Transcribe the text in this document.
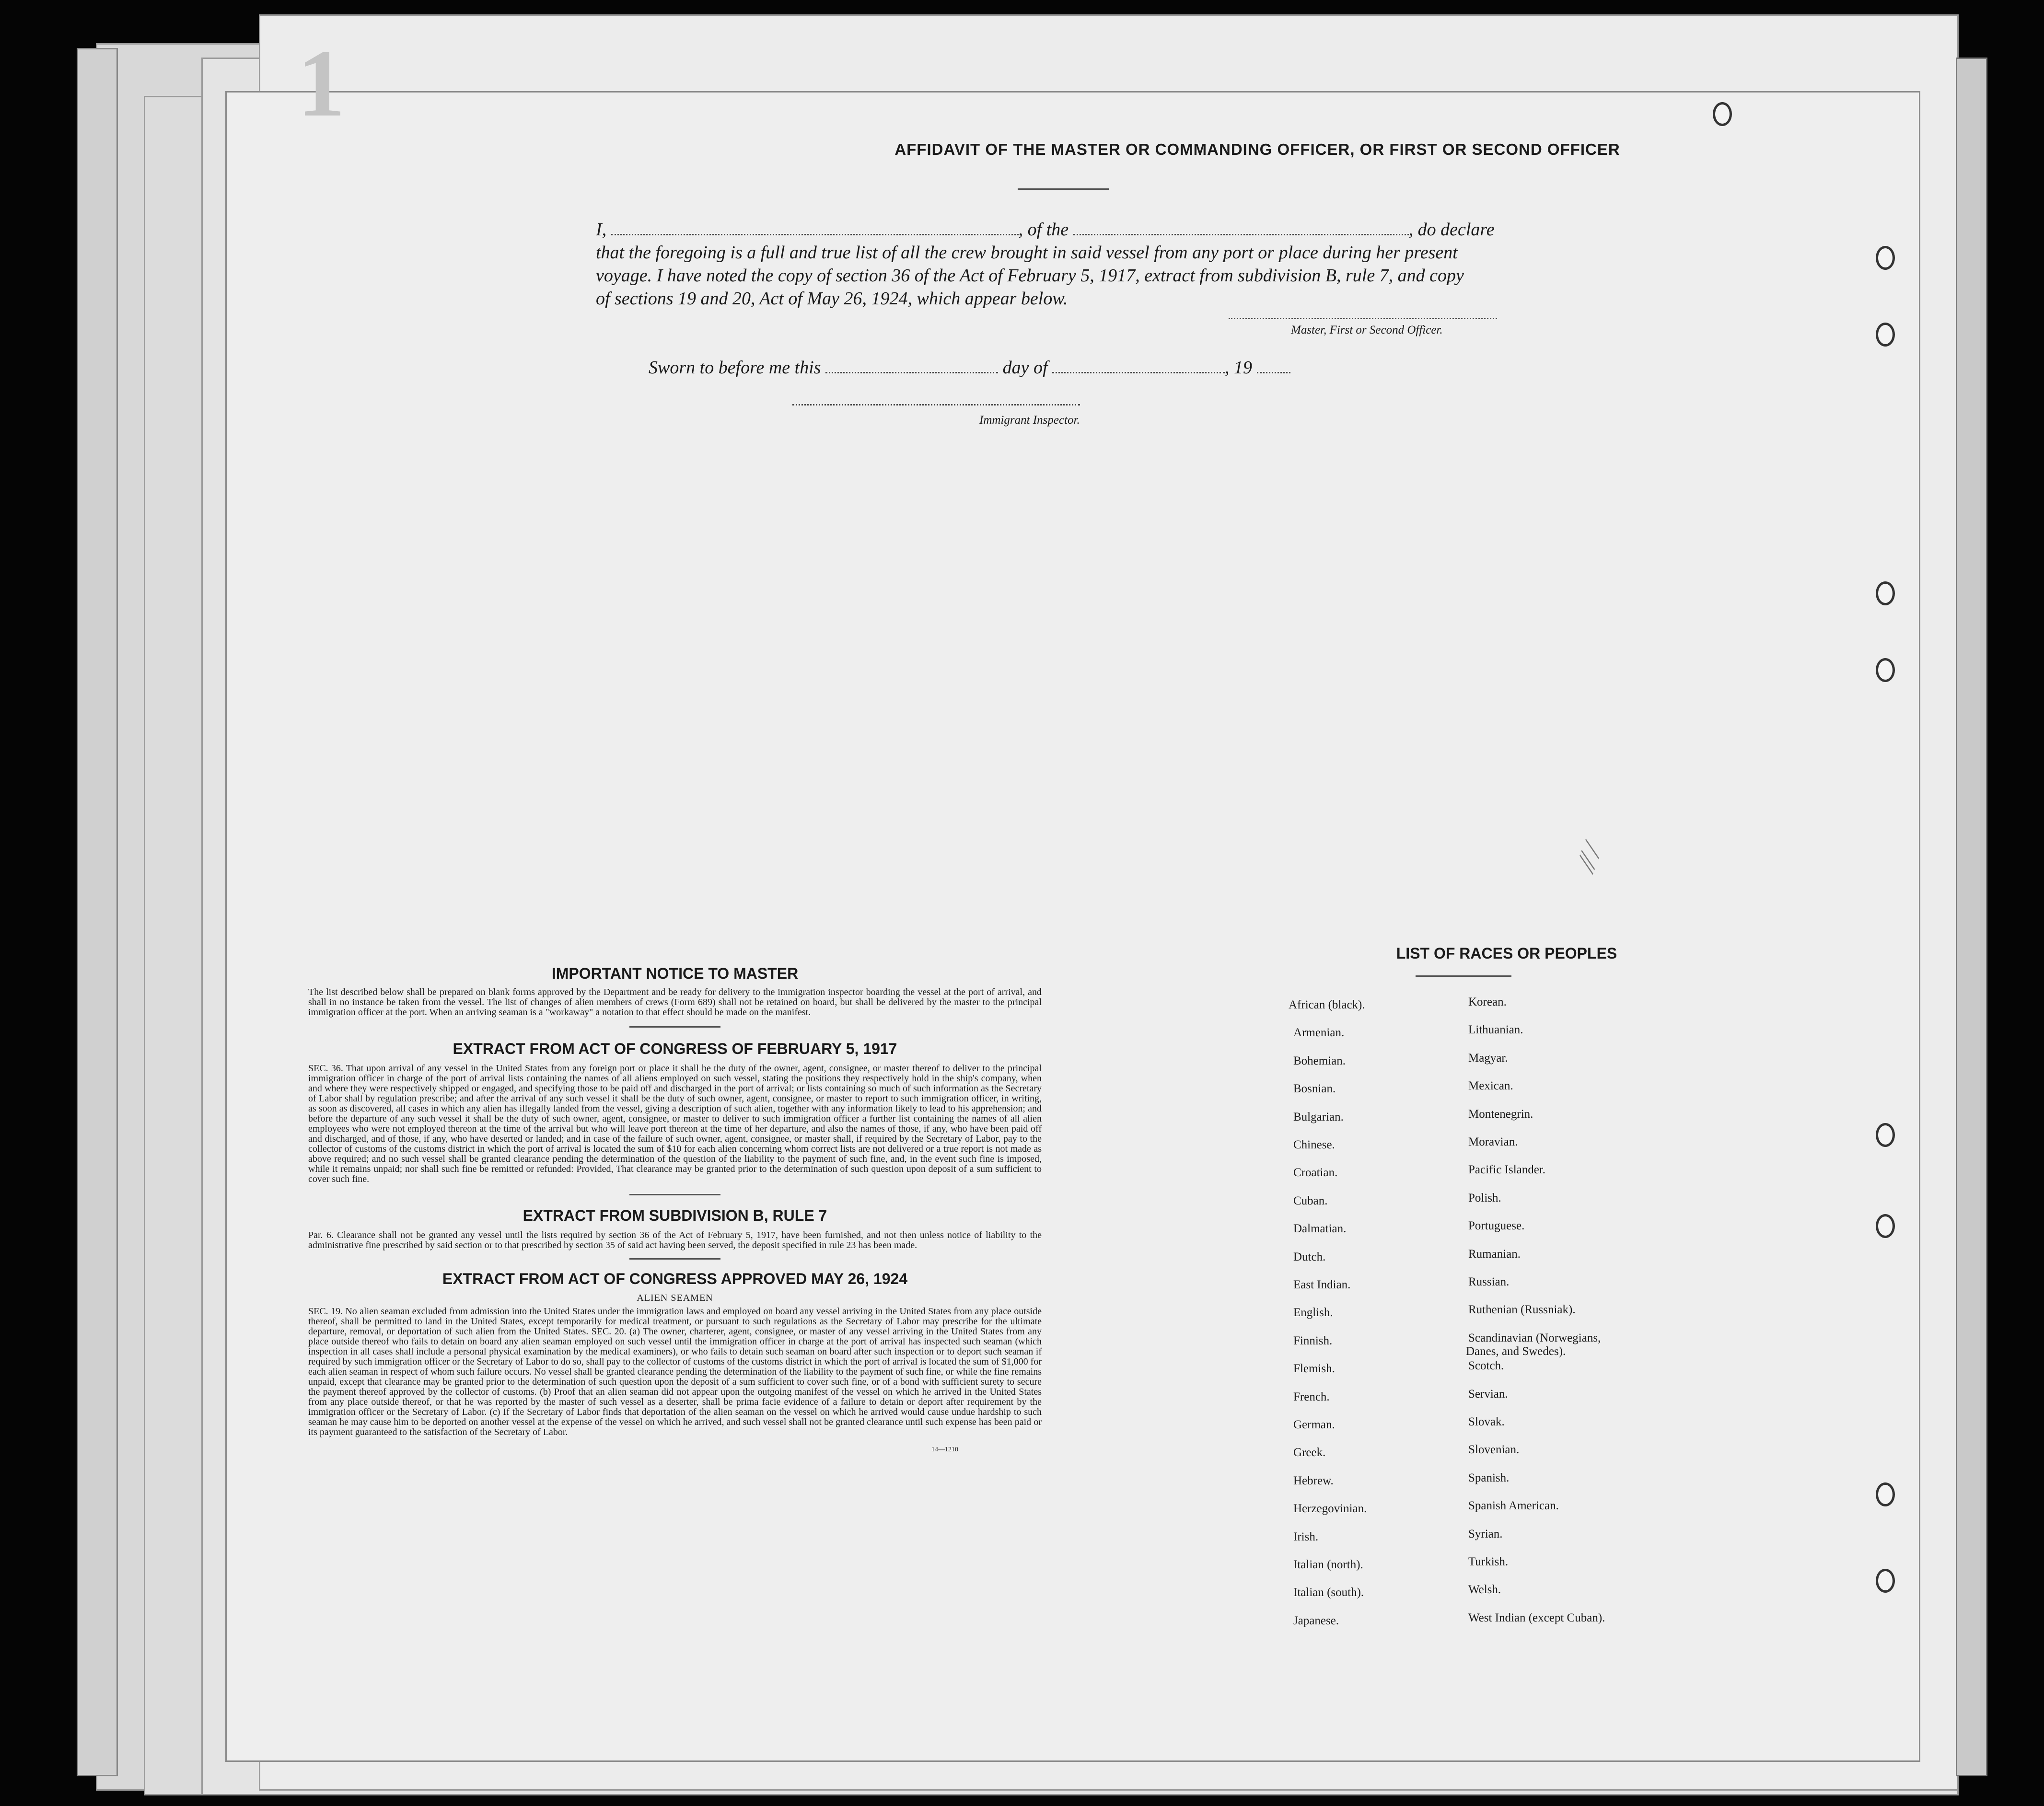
AFFIDAVIT OF THE MASTER OR COMMANDING OFFICER, OR FIRST OR SECOND OFFICER
I,	, of the	, do declare
that the foregoing is a full and true list of all the crew brought in said vessel from any port or place during her present
voyage. I have noted the copy of section 36 of the Act of February 5, 1917, extract from subdivision B, rule 7, and copy
of sections 19 and 20, Act of May 26, 1924, which appear below.
Master, First or Second Officer.
Sworn to before me this	day of	, 19
Immigrant Inspector.
IMPORTANT NOTICE TO MASTER
The list described below shall be prepared on blank forms approved by the Department and be ready for delivery to the immigration inspector boarding the vessel at the port of arrival, and shall in no instance be taken from the vessel. The list of changes of alien members of crews (Form 689) shall not be retained on board, but shall be delivered by the master to the principal immigration officer at the port. When an arriving seaman is a "workaway" a notation to that effect should be made on the manifest.
EXTRACT FROM ACT OF CONGRESS OF FEBRUARY 5, 1917
SEC. 36. That upon arrival of any vessel in the United States from any foreign port or place it shall be the duty of the owner, agent, consignee, or master thereof to deliver to the principal immigration officer in charge of the port of arrival lists containing the names of all aliens employed on such vessel, stating the positions they respectively hold in the ship's company, when and where they were respectively shipped or engaged, and specifying those to be paid off and discharged in the port of arrival; or lists containing so much of such information as the Secretary of Labor shall by regulation prescribe; and after the arrival of any such vessel it shall be the duty of such owner, agent, consignee, or master to report to such immigration officer, in writing, as soon as discovered, all cases in which any alien has illegally landed from the vessel, giving a description of such alien, together with any information likely to lead to his apprehension; and before the departure of any such vessel it shall be the duty of such owner, agent, consignee, or master to deliver to such immigration officer a further list containing the names of all alien employees who were not employed thereon at the time of the arrival but who will leave port thereon at the time of her departure, and also the names of those, if any, who have been paid off and discharged, and of those, if any, who have deserted or landed; and in case of the failure of such owner, agent, consignee, or master shall, if required by the Secretary of Labor, pay to the collector of customs of the customs district in which the port of arrival is located the sum of $10 for each alien concerning whom correct lists are not delivered or a true report is not made as above required; and no such vessel shall be granted clearance pending the determination of the question of the liability to the payment of such fine, and, in the event such fine is imposed, while it remains unpaid; nor shall such fine be remitted or refunded: Provided, That clearance may be granted prior to the determination of such question upon deposit of a sum sufficient to cover such fine.
EXTRACT FROM SUBDIVISION B, RULE 7
Par. 6. Clearance shall not be granted any vessel until the lists required by section 36 of the Act of February 5, 1917, have been furnished, and not then unless notice of liability to the administrative fine prescribed by said section or to that prescribed by section 35 of said act having been served, the deposit specified in rule 23 has been made.
EXTRACT FROM ACT OF CONGRESS APPROVED MAY 26, 1924
ALIEN SEAMEN
SEC. 19. No alien seaman excluded from admission into the United States under the immigration laws and employed on board any vessel arriving in the United States from any place outside thereof, shall be permitted to land in the United States, except temporarily for medical treatment, or pursuant to such regulations as the Secretary of Labor may prescribe for the ultimate departure, removal, or deportation of such alien from the United States. SEC. 20. (a) The owner, charterer, agent, consignee, or master of any vessel arriving in the United States from any place outside thereof who fails to detain on board any alien seaman employed on such vessel until the immigration officer in charge at the port of arrival has inspected such seaman (which inspection in all cases shall include a personal physical examination by the medical examiners), or who fails to detain such seaman on board after such inspection or to deport such seaman if required by such immigration officer or the Secretary of Labor to do so, shall pay to the collector of customs of the customs district in which the port of arrival is located the sum of $1,000 for each alien seaman in respect of whom such failure occurs. No vessel shall be granted clearance pending the determination of the liability to the payment of such fine, or while the fine remains unpaid, except that clearance may be granted prior to the determination of such question upon the deposit of a sum sufficient to cover such fine, or of a bond with sufficient surety to secure the payment thereof approved by the collector of customs. (b) Proof that an alien seaman did not appear upon the outgoing manifest of the vessel on which he arrived in the United States from any place outside thereof, or that he was reported by the master of such vessel as a deserter, shall be prima facie evidence of a failure to detain or deport after requirement by the immigration officer or the Secretary of Labor. (c) If the Secretary of Labor finds that deportation of the alien seaman on the vessel on which he arrived would cause undue hardship to such seaman he may cause him to be deported on another vessel at the expense of the vessel on which he arrived, and such vessel shall not be granted clearance until such expense has been paid or its payment guaranteed to the satisfaction of the Secretary of Labor.
14—1210
LIST OF RACES OR PEOPLES
⁄⁄ ⁄
African (black).
Armenian.
Bohemian.
Bosnian.
Bulgarian.
Chinese.
Croatian.
Cuban.
Dalmatian.
Dutch.
East Indian.
English.
Finnish.
Flemish.
French.
German.
Greek.
Hebrew.
Herzegovinian.
Irish.
Italian (north).
Italian (south).
Japanese.
Korean.
Lithuanian.
Magyar.
Mexican.
Montenegrin.
Moravian.
Pacific Islander.
Polish.
Portuguese.
Rumanian.
Russian.
Ruthenian (Russniak).
Scandinavian (Norwegians,
Danes, and Swedes).
Scotch.
Servian.
Slovak.
Slovenian.
Spanish.
Spanish American.
Syrian.
Turkish.
Welsh.
West Indian (except Cuban).
1
